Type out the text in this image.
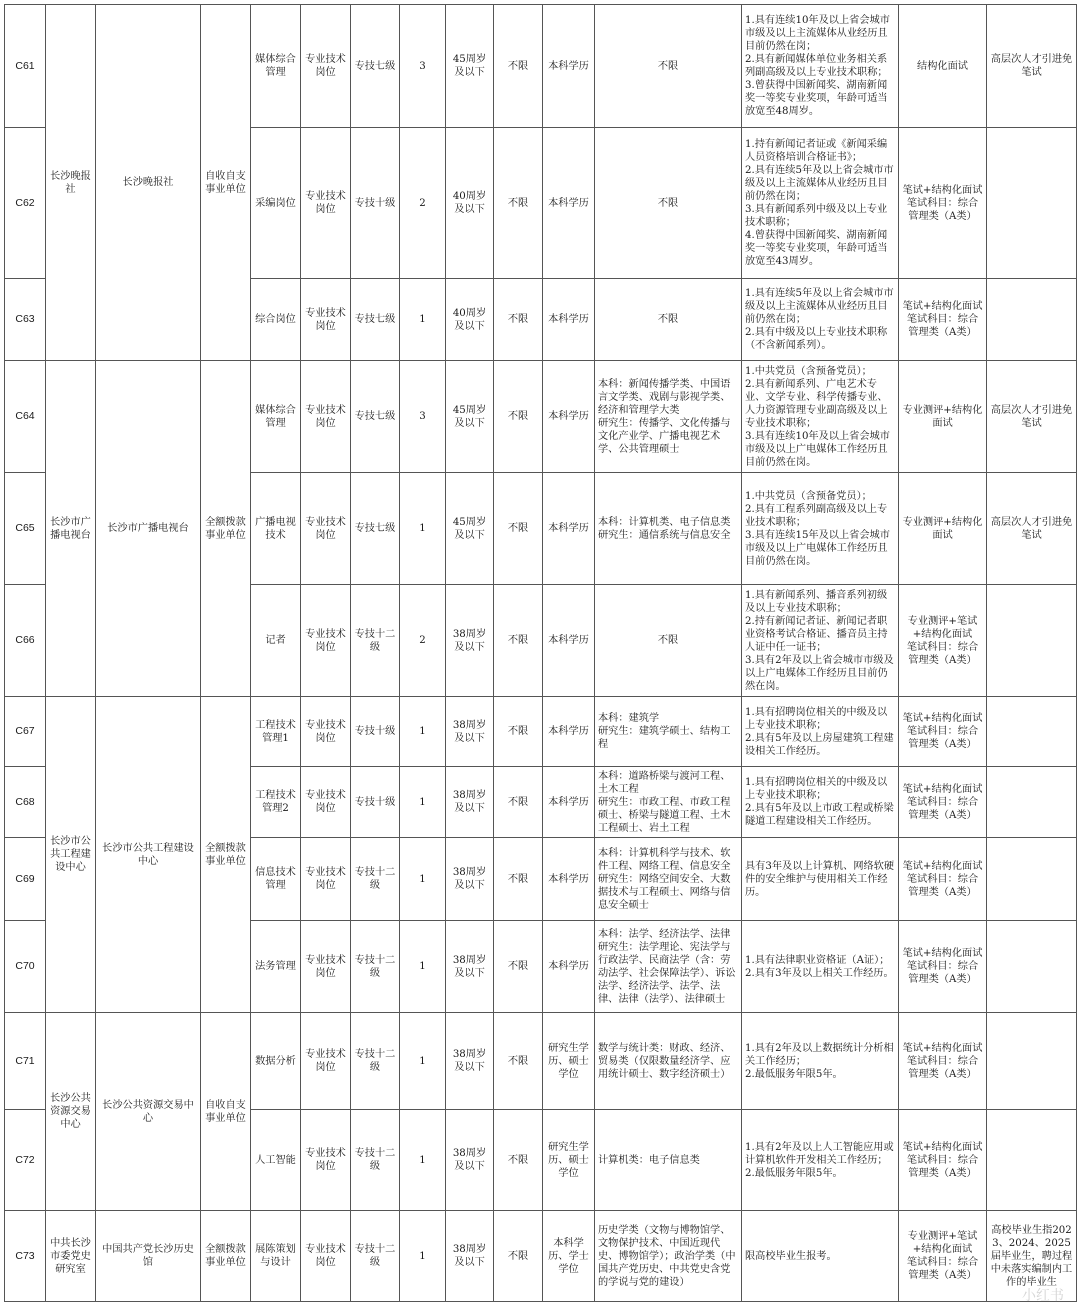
C61	长沙晚报社	长沙晚报社	自收自支事业单位	媒体综合管理	专业技术岗位	专技七级	3	45周岁及以下	不限	本科学历	不限	1.具有连续10年及以上省会城市市级及以上主流媒体从业经历且目前仍然在岗；
2.具有新闻媒体单位业务相关系列副高级及以上专业技术职称；
3.曾获得中国新闻奖、湖南新闻奖一等奖专业奖项，年龄可适当放宽至48周岁。	结构化面试	高层次人才引进免笔试
C62				采编岗位	专业技术岗位	专技十级	2	40周岁及以下	不限	本科学历	不限	1.持有新闻记者证或《新闻采编人员资格培训合格证书》；
2.具有连续5年及以上省会城市市级及以上主流媒体从业经历且目前仍然在岗；
3.具有新闻系列中级及以上专业技术职称；
4.曾获得中国新闻奖、湖南新闻奖一等奖专业奖项，年龄可适当放宽至43周岁。	笔试+结构化面试
笔试科目：综合管理类（A类）	
C63				综合岗位	专业技术岗位	专技七级	1	40周岁及以下	不限	本科学历	不限	1.具有连续5年及以上省会城市市级及以上主流媒体从业经历且目前仍然在岗；
2.具有中级及以上专业技术职称（不含新闻系列）。	笔试+结构化面试
笔试科目：综合管理类（A类）	
C64	长沙市广播电视台	长沙市广播电视台	全额拨款事业单位	媒体综合管理	专业技术岗位	专技七级	3	45周岁及以下	不限	本科学历	本科：新闻传播学类、中国语言文学类、戏剧与影视学类、经济和管理学大类
研究生：传播学、文化传播与文化产业学、广播电视艺术学、公共管理硕士	1.中共党员（含预备党员）；
2.具有新闻系列、广电艺术专业、文学专业、科学传播专业、人力资源管理专业副高级及以上专业技术职称；
3.具有连续10年及以上省会城市市级及以上广电媒体工作经历且目前仍然在岗。	专业测评+结构化面试	高层次人才引进免笔试
C65				广播电视技术	专业技术岗位	专技七级	1	45周岁及以下	不限	本科学历	本科：计算机类、电子信息类
研究生：通信系统与信息安全	1.中共党员（含预备党员）；
2.具有工程系列副高级及以上专业技术职称；
3.具有连续15年及以上省会城市市级及以上广电媒体工作经历且目前仍然在岗。	专业测评+结构化面试	高层次人才引进免笔试
C66				记者	专业技术岗位	专技十二级	2	38周岁及以下	不限	本科学历	不限	1.具有新闻系列、播音系列初级及以上专业技术职称；
2.持有新闻记者证、新闻记者职业资格考试合格证、播音员主持人证中任一证书；
3.具有2年及以上省会城市市级及以上广电媒体工作经历且目前仍然在岗。	专业测评+笔试+结构化面试
笔试科目：综合管理类（A类）	
C67	长沙市公共工程建设中心	长沙市公共工程建设中心	全额拨款事业单位	工程技术管理1	专业技术岗位	专技十级	1	38周岁及以下	不限	本科学历	本科：建筑学
研究生：建筑学硕士、结构工程	1.具有招聘岗位相关的中级及以上专业技术职称；
2.具有5年及以上房屋建筑工程建设相关工作经历。	笔试+结构化面试
笔试科目：综合管理类（A类）	
C68				工程技术管理2	专业技术岗位	专技十级	1	38周岁及以下	不限	本科学历	本科：道路桥梁与渡河工程、土木工程
研究生：市政工程、市政工程硕士、桥梁与隧道工程、土木工程硕士、岩土工程	1.具有招聘岗位相关的中级及以上专业技术职称；
2.具有5年及以上市政工程或桥梁隧道工程建设相关工作经历。	笔试+结构化面试
笔试科目：综合管理类（A类）	
C69				信息技术管理	专业技术岗位	专技十二级	1	38周岁及以下	不限	本科学历	本科：计算机科学与技术、软件工程、网络工程、信息安全
研究生：网络空间安全、大数据技术与工程硕士、网络与信息安全硕士	具有3年及以上计算机、网络软硬件的安全维护与使用相关工作经历。	笔试+结构化面试
笔试科目：综合管理类（A类）	
C70				法务管理	专业技术岗位	专技十二级	1	38周岁及以下	不限	本科学历	本科：法学、经济法学、法律
研究生：法学理论、宪法学与行政法学、民商法学（含：劳动法学、社会保障法学）、诉讼法学、经济法学、法学、法律、法律（法学）、法律硕士	1.具有法律职业资格证（A证）；2.具有3年及以上相关工作经历。	笔试+结构化面试
笔试科目：综合管理类（A类）	
C71	长沙公共资源交易中心	长沙公共资源交易中心	自收自支事业单位	数据分析	专业技术岗位	专技十二级	1	38周岁及以下	不限	研究生学历、硕士学位	数学与统计类：财政、经济、贸易类（仅限数量经济学、应用统计硕士、数字经济硕士）	1.具有2年及以上数据统计分析相关工作经历；
2.最低服务年限5年。	笔试+结构化面试
笔试科目：综合管理类（A类）	
C72				人工智能	专业技术岗位	专技十二级	1	38周岁及以下	不限	研究生学历、硕士学位	计算机类：电子信息类	1.具有2年及以上人工智能应用或计算机软件开发相关工作经历；
2.最低服务年限5年。	笔试+结构化面试
笔试科目：综合管理类（A类）	
C73	中共长沙市委党史研究室	中国共产党长沙历史馆	全额拨款事业单位	展陈策划与设计	专业技术岗位	专技十二级	1	38周岁及以下	不限	本科学历、学士学位	历史学类（文物与博物馆学、文物保护技术、中国近现代史、博物馆学）；政治学类（中国共产党历史、中共党史含党的学说与党的建设）	限高校毕业生报考。	专业测评+笔试+结构化面试
笔试科目：综合管理类（A类）	高校毕业生指2023、2024、2025届毕业生，聘过程中未落实编制内工作的毕业生
小红书
